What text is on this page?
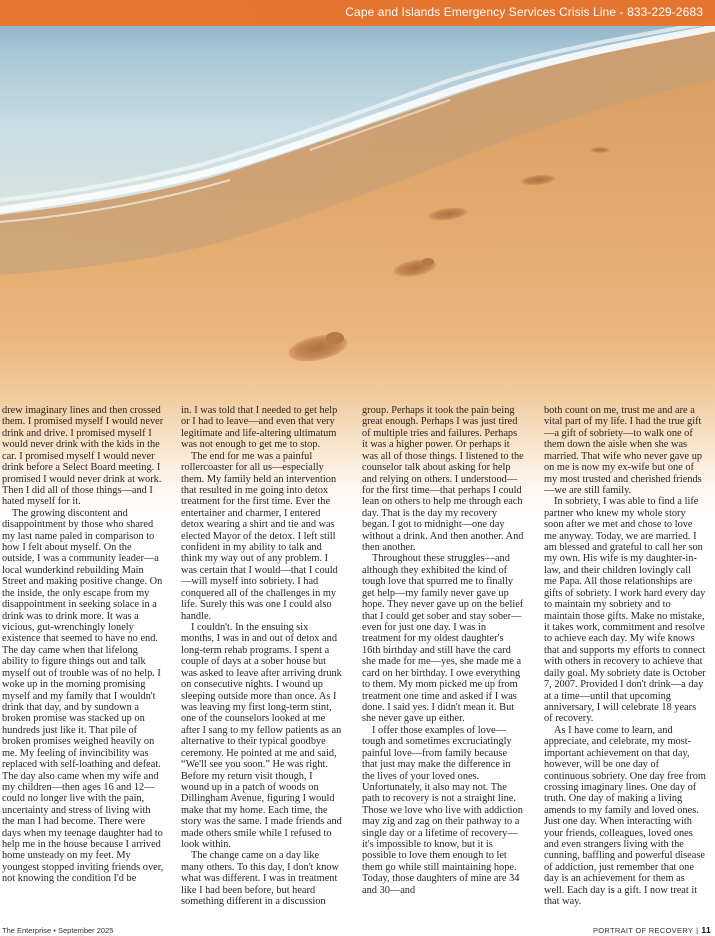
Cape and Islands Emergency Services Crisis Line - 833-229-2683

drew imaginary lines and then crossed them. I promised myself I would never drink and drive. I promised myself I would never drink with the kids in the car. I promised myself I would never drink before a Select Board meeting. I promised I would never drink at work. Then I did all of those things—and I hated myself for it.

The growing discontent and disappointment by those who shared my last name paled in comparison to how I felt about myself. On the outside, I was a community leader—a local wunderkind rebuilding Main Street and making positive change. On the inside, the only escape from my disappointment in seeking solace in a drink was to drink more. It was a vicious, gut-wrenchingly lonely existence that seemed to have no end. The day came when that lifelong ability to figure things out and talk myself out of trouble was of no help. I woke up in the morning promising myself and my family that I wouldn't drink that day, and by sundown a broken promise was stacked up on hundreds just like it. That pile of broken promises weighed heavily on me. My feeling of invincibility was replaced with self-loathing and defeat. The day also came when my wife and my children—then ages 16 and 12—could no longer live with the pain, uncertainty and stress of living with the man I had become. There were days when my teenage daughter had to help me in the house because I arrived home unsteady on my feet. My youngest stopped inviting friends over, not knowing the condition I'd be

in. I was told that I needed to get help or I had to leave—and even that very legitimate and life-altering ultimatum was not enough to get me to stop.

The end for me was a painful rollercoaster for all us—especially them. My family held an intervention that resulted in me going into detox treatment for the first time. Ever the entertainer and charmer, I entered detox wearing a shirt and tie and was elected Mayor of the detox. I left still confident in my ability to talk and think my way out of any problem. I was certain that I would—that I could—will myself into sobriety. I had conquered all of the challenges in my life. Surely this was one I could also handle.

I couldn't. In the ensuing six months, I was in and out of detox and long-term rehab programs. I spent a couple of days at a sober house but was asked to leave after arriving drunk on consecutive nights. I wound up sleeping outside more than once. As I was leaving my first long-term stint, one of the counselors looked at me after I sang to my fellow patients as an alternative to their typical goodbye ceremony. He pointed at me and said, “We'll see you soon.” He was right. Before my return visit though, I wound up in a patch of woods on Dillingham Avenue, figuring I would make that my home. Each time, the story was the same. I made friends and made others smile while I refused to look within.

The change came on a day like many others. To this day, I don't know what was different. I was in treatment like I had been before, but heard something different in a discussion

group. Perhaps it took the pain being great enough. Perhaps I was just tired of multiple tries and failures. Perhaps it was a higher power. Or perhaps it was all of those things. I listened to the counselor talk about asking for help and relying on others. I understood—for the first time—that perhaps I could lean on others to help me through each day. That is the day my recovery began. I got to midnight—one day without a drink. And then another. And then another.

Throughout these struggles—and although they exhibited the kind of tough love that spurred me to finally get help—my family never gave up hope. They never gave up on the belief that I could get sober and stay sober—even for just one day. I was in treatment for my oldest daughter's 16th birthday and still have the card she made for me—yes, she made me a card on her birthday. I owe everything to them. My mom picked me up from treatment one time and asked if I was done. I said yes. I didn't mean it. But she never gave up either.

I offer those examples of love—tough and sometimes excruciatingly painful love—from family because that just may make the difference in the lives of your loved ones. Unfortunately, it also may not. The path to recovery is not a straight line. Those we love who live with addiction may zig and zag on their pathway to a single day or a lifetime of recovery—it's impossible to know, but it is possible to love them enough to let them go while still maintaining hope. Today, those daughters of mine are 34 and 30—and

both count on me, trust me and are a vital part of my life. I had the true gift—a gift of sobriety—to walk one of them down the aisle when she was married. That wife who never gave up on me is now my ex-wife but one of my most trusted and cherished friends—we are still family.

In sobriety, I was able to find a life partner who knew my whole story soon after we met and chose to love me anyway. Today, we are married. I am blessed and grateful to call her son my own. His wife is my daughter-in-law, and their children lovingly call me Papa. All those relationships are gifts of sobriety. I work hard every day to maintain my sobriety and to maintain those gifts. Make no mistake, it takes work, commitment and resolve to achieve each day. My wife knows that and supports my efforts to connect with others in recovery to achieve that daily goal. My sobriety date is October 7, 2007. Provided I don't drink—a day at a time—until that upcoming anniversary, I will celebrate 18 years of recovery.

As I have come to learn, and appreciate, and celebrate, my most-important achievement on that day, however, will be one day of continuous sobriety. One day free from crossing imaginary lines. One day of truth. One day of making a living amends to my family and loved ones. Just one day. When interacting with your friends, colleagues, loved ones and even strangers living with the cunning, baffling and powerful disease of addiction, just remember that one day is an achievement for them as well. Each day is a gift. I now treat it that way.

The Enterprise • September 2025	PORTRAIT OF RECOVERY | 11
